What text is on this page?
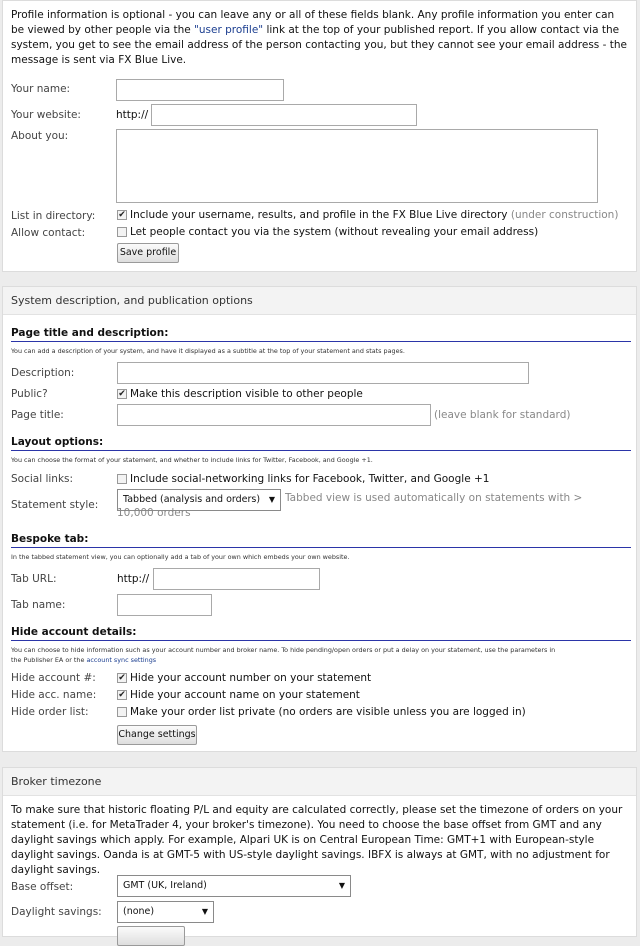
Profile information is optional - you can leave any or all of these fields blank. Any profile information you enter can be viewed by other people via the "user profile" link at the top of your published report. If you allow contact via the system, you get to see the email address of the person contacting you, but they cannot see your email address - the message is sent via FX Blue Live.
Your name:
Your website:	http://
About you:
List in directory:	✔ Include your username, results, and profile in the FX Blue Live directory (under construction)
Allow contact:	Let people contact you via the system (without revealing your email address)
Save profile
System description, and publication options
Page title and description:
You can add a description of your system, and have it displayed as a subtitle at the top of your statement and stats pages.
Description:
Public?	✔ Make this description visible to other people
Page title:	(leave blank for standard)
Layout options:
You can choose the format of your statement, and whether to include links for Twitter, Facebook, and Google +1.
Social links:	Include social-networking links for Facebook, Twitter, and Google +1
Statement style:	Tabbed (analysis and orders) ▼ Tabbed view is used automatically on statements with > 10,000 orders
Bespoke tab:
In the tabbed statement view, you can optionally add a tab of your own which embeds your own website.
Tab URL:	http://
Tab name:
Hide account details:
You can choose to hide information such as your account number and broker name. To hide pending/open orders or put a delay on your statement, use the parameters in
the Publisher EA or the account sync settings
Hide account #: ✔ Hide your account number on your statement
Hide acc. name: ✔ Hide your account name on your statement
Hide order list:	Make your order list private (no orders are visible unless you are logged in)
Change settings
Broker timezone
To make sure that historic floating P/L and equity are calculated correctly, please set the timezone of orders on your statement (i.e. for MetaTrader 4, your broker's timezone). You need to choose the base offset from GMT and any daylight savings which apply. For example, Alpari UK is on Central European Time: GMT+1 with European-style daylight savings. Oanda is at GMT-5 with US-style daylight savings. IBFX is always at GMT, with no adjustment for daylight savings.
Base offset:	GMT (UK, Ireland)	▼
Daylight savings:	(none)	▼
